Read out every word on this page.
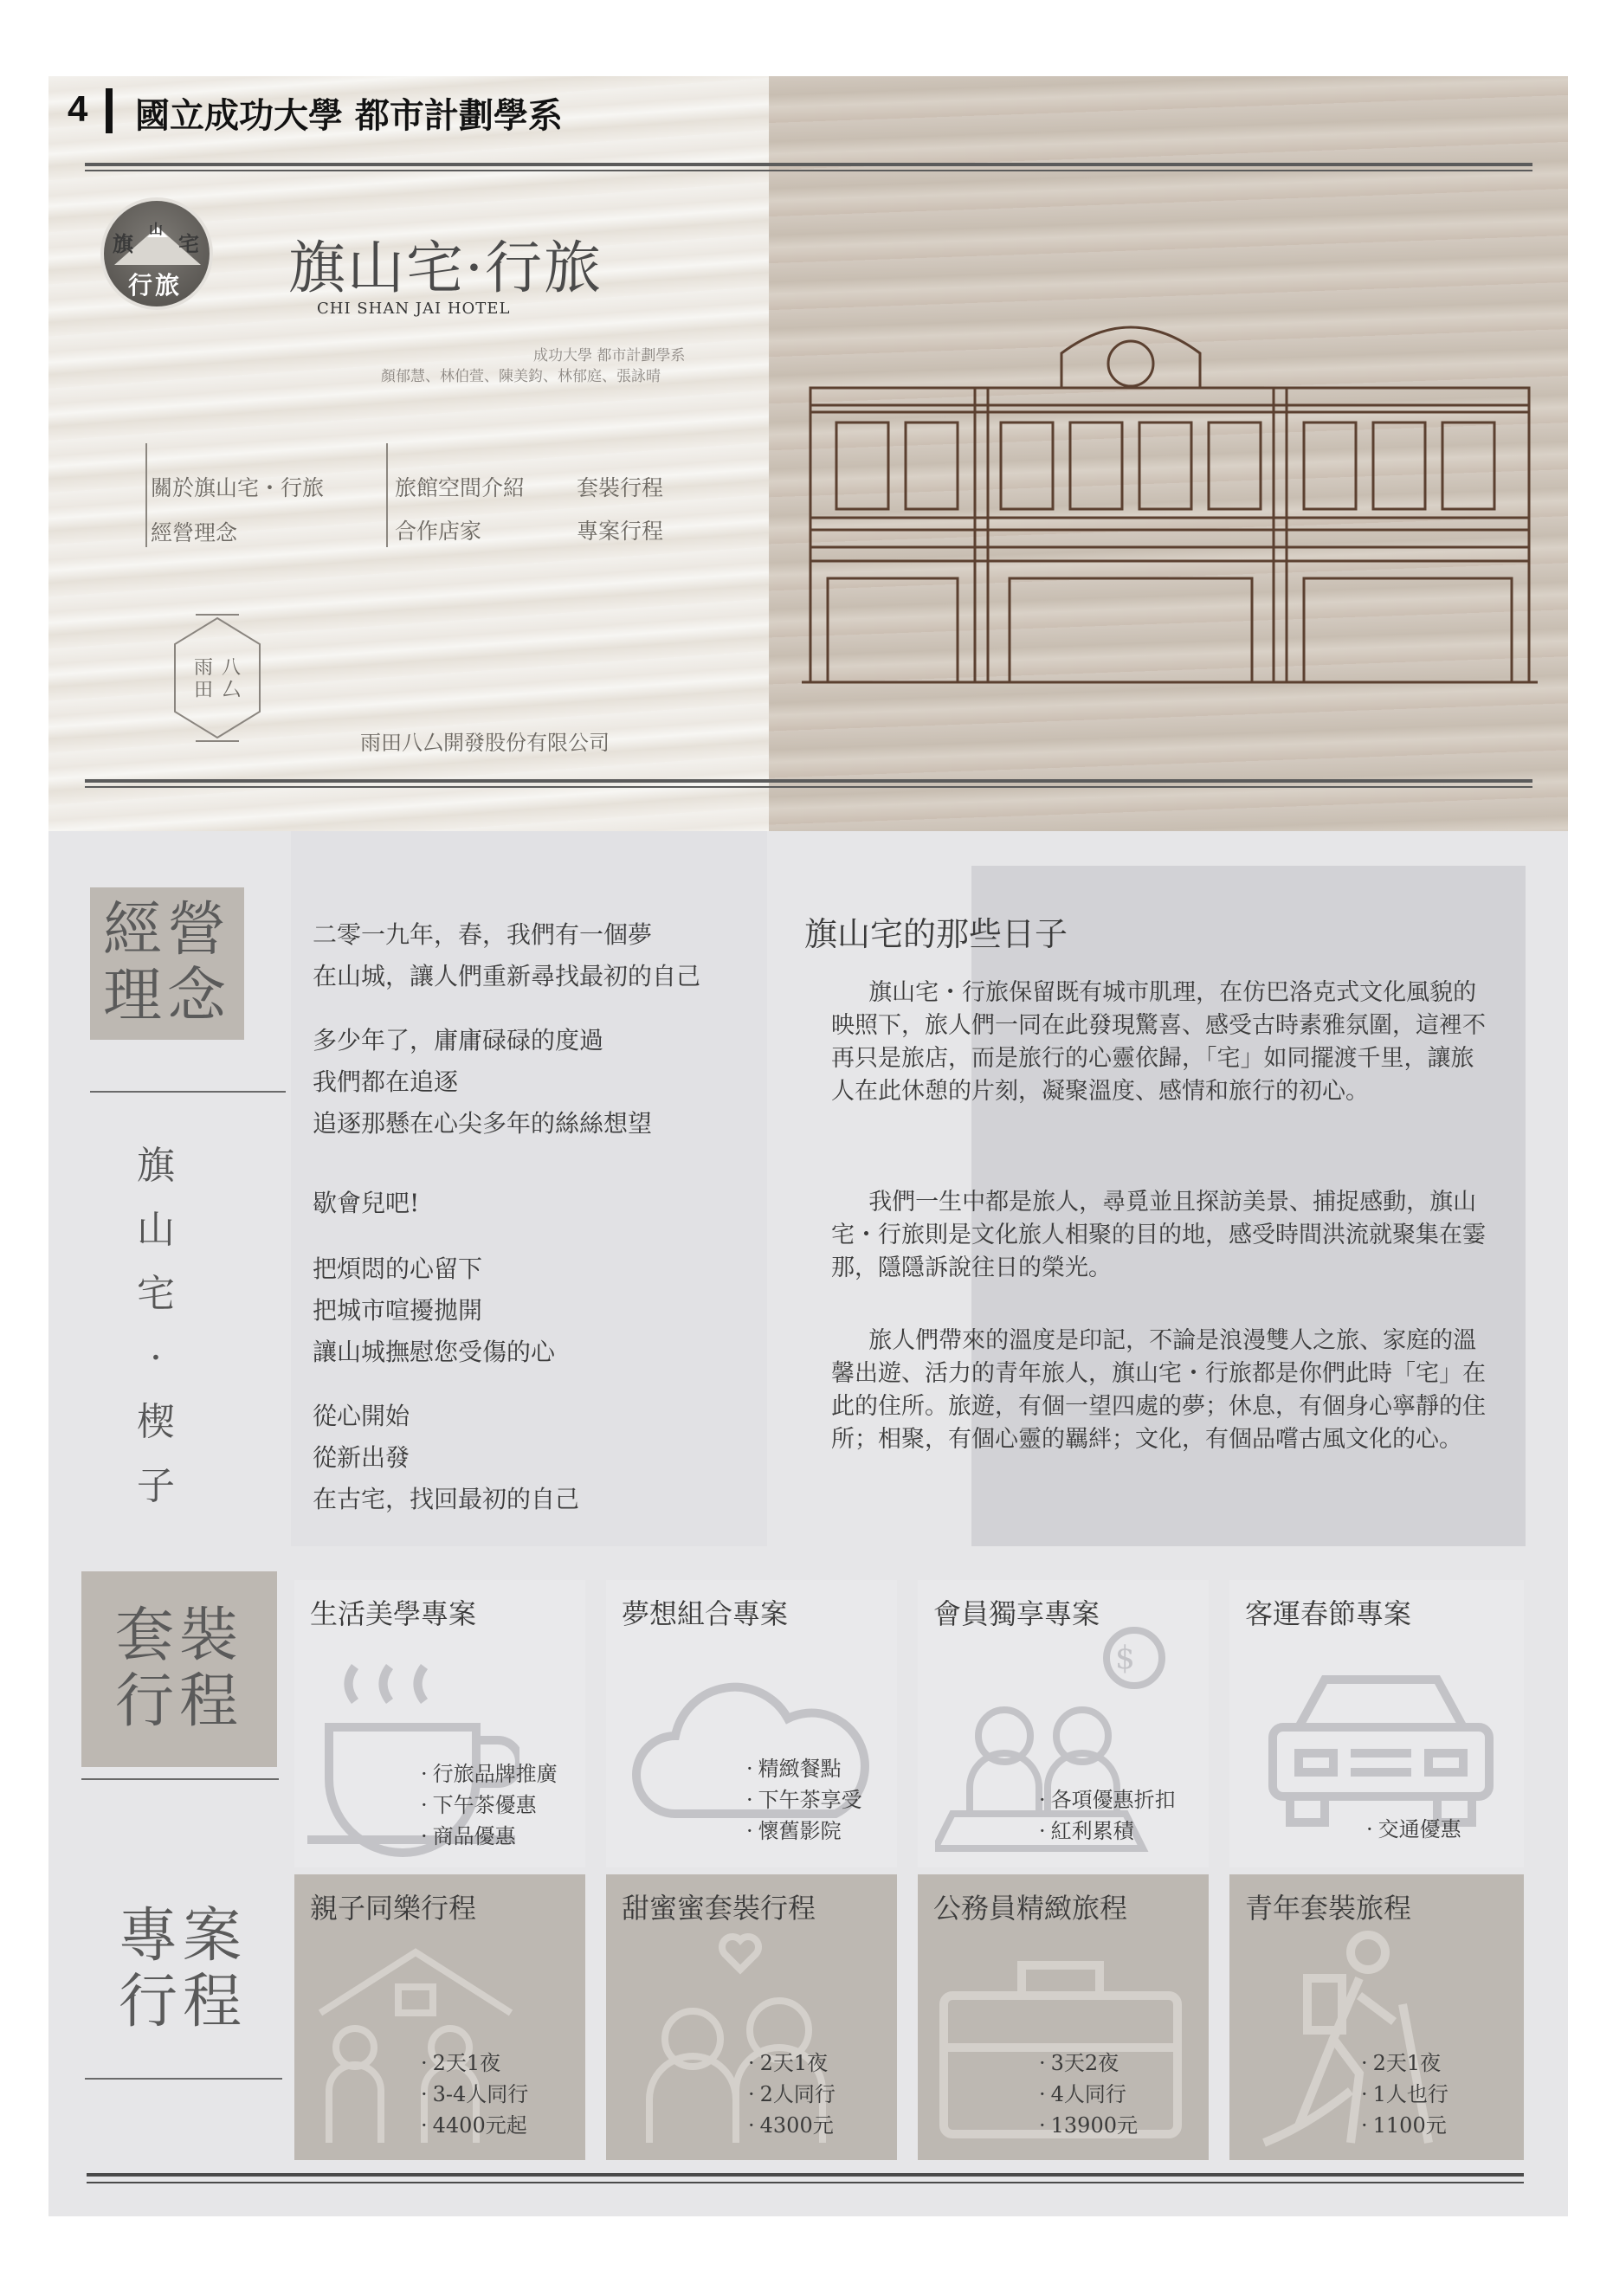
旗
山
宅
行旅 旗山宅·行旅
CHI SHAN JAI HOTEL
成功大學 都市計劃學系
顏郁慧、林伯萱、陳美鈞、林郁庭、張詠晴
關於旗山宅・行旅
經營理念
旅館空間介紹
合作店家
套裝行程
專案行程
雨 八
田 厶
雨田八厶開發股份有限公司
4 國立成功大學 都市計劃學系
經營
理念
旗
山
宅
·
楔
子
二零一九年，春，我們有一個夢
在山城，讓人們重新尋找最初的自己
多少年了，庸庸碌碌的度過
我們都在追逐
追逐那懸在心尖多年的絲絲想望
歇會兒吧!
把煩悶的心留下
把城市喧擾拋開
讓山城撫慰您受傷的心
從心開始
從新出發
在古宅，找回最初的自己
旗山宅的那些日子

旗山宅・行旅保留既有城市肌理，在仿巴洛克式文化風貌的映照下，旅人們一同在此發現驚喜、感受古時素雅氛圍，這裡不再只是旅店，而是旅行的心靈依歸，「宅」如同擺渡千里，讓旅人在此休憩的片刻，凝聚溫度、感情和旅行的初心。

我們一生中都是旅人，尋覓並且探訪美景、捕捉感動，旗山宅・行旅則是文化旅人相聚的目的地，感受時間洪流就聚集在霎那，隱隱訴說往日的榮光。

旅人們帶來的溫度是印記，不論是浪漫雙人之旅、家庭的溫馨出遊、活力的青年旅人，旗山宅・行旅都是你們此時「宅」在此的住所。旅遊，有個一望四處的夢；休息，有個身心寧靜的住所；相聚，有個心靈的羈絆；文化，有個品嚐古風文化的心。

套裝
行程
生活美學專案
· 行旅品牌推廣
· 下午茶優惠
· 商品優惠
夢想組合專案
· 精緻餐點
· 下午茶享受
· 懷舊影院
會員獨享專案
$
· 各項優惠折扣
· 紅利累積
客運春節專案
· 交通優惠
專案
行程
親子同樂行程
· 2天1夜
· 3-4人同行
· 4400元起
甜蜜蜜套裝行程
· 2天1夜
· 2人同行
· 4300元
公務員精緻旅程
· 3天2夜
· 4人同行
· 13900元
青年套裝旅程
· 2天1夜
· 1人也行
· 1100元
